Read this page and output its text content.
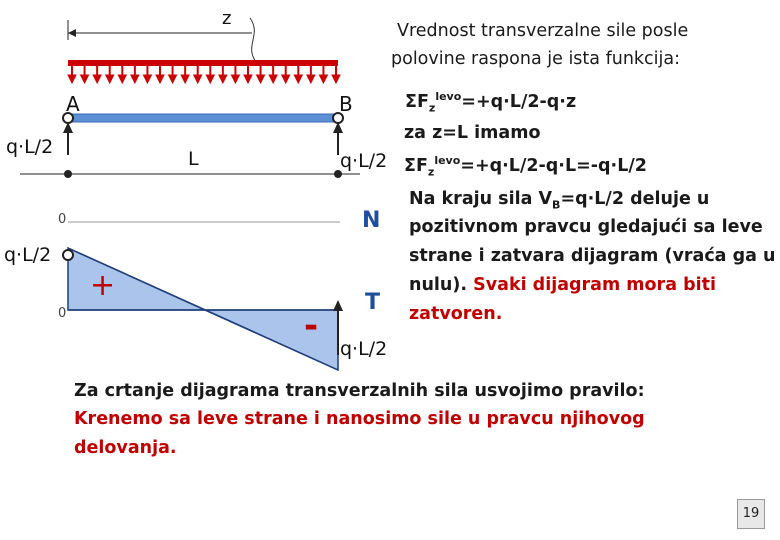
z
A	B
L
q·L/2
q·L/2
N
0
q·L/2
0
+
-
T
q·L/2
Vrednost transverzalne sile posle
polovine raspona je ista funkcija:
$\Sigma F_z^{levo}=+q\cdot L/2-q\cdot z$
za z=L imamo
$\Sigma F_z^{levo}=+q\cdot L/2-q\cdot L=-q\cdot L/2$
Na kraju sila $V_B=q\cdot L/2$ deluje u
pozitivnom pravcu gledajući sa leve
strane i zatvara dijagram (vraća ga u
nulu). Svaki dijagram mora biti
zatvoren.
Za crtanje dijagrama transverzalnih sila usvojimo pravilo:
Krenemo sa leve strane i nanosimo sile u pravcu njihovog
delovanja.
19
